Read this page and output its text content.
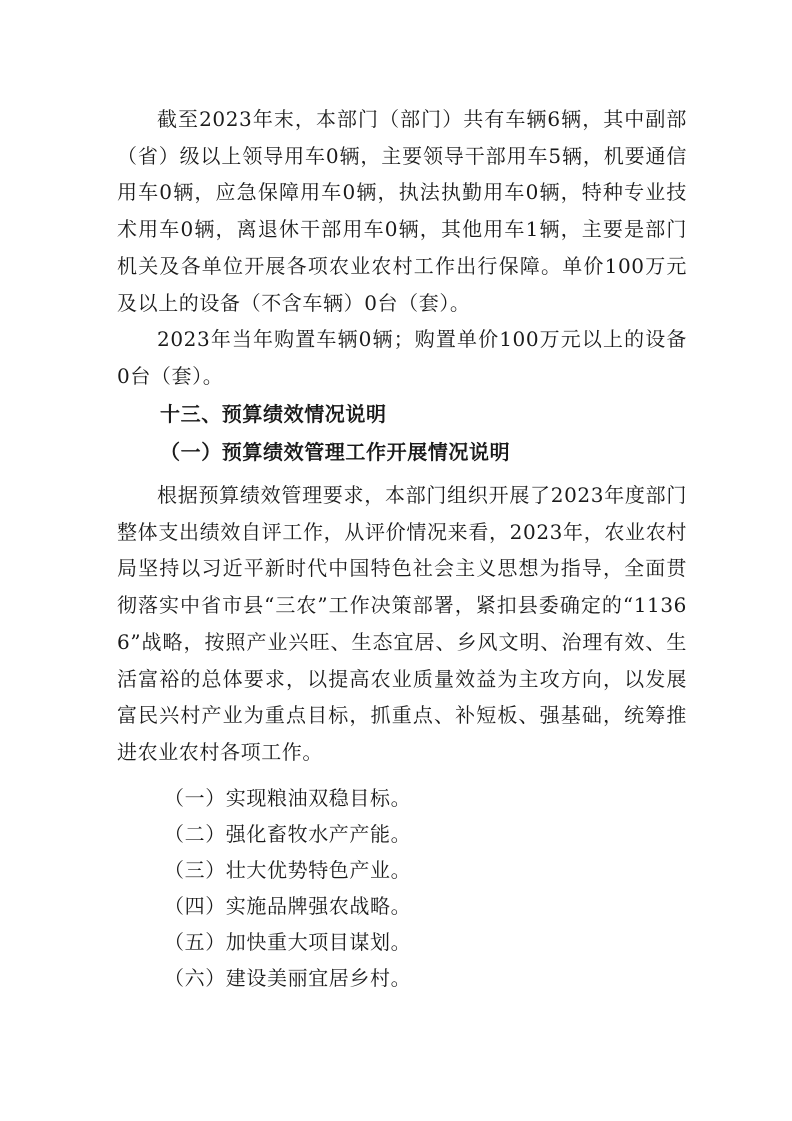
截至2023年末，本部门（部门）共有车辆6辆，其中副部（省）级以上领导用车0辆，主要领导干部用车5辆，机要通信用车0辆，应急保障用车0辆，执法执勤用车0辆，特种专业技术用车0辆，离退休干部用车0辆，其他用车1辆，主要是部门机关及各单位开展各项农业农村工作出行保障。单价100万元及以上的设备（不含车辆）0台（套）。

2023年当年购置车辆0辆；购置单价100万元以上的设备0台（套）。

十三、预算绩效情况说明
（一）预算绩效管理工作开展情况说明

根据预算绩效管理要求，本部门组织开展了2023年度部门整体支出绩效自评工作，从评价情况来看，2023年，农业农村局坚持以习近平新时代中国特色社会主义思想为指导，全面贯彻落实中省市县“三农”工作决策部署，紧扣县委确定的“11366”战略，按照产业兴旺、生态宜居、乡风文明、治理有效、生活富裕的总体要求，以提高农业质量效益为主攻方向，以发展富民兴村产业为重点目标，抓重点、补短板、强基础，统筹推进农业农村各项工作。

（一）实现粮油双稳目标。

（二）强化畜牧水产产能。

（三）壮大优势特色产业。

（四）实施品牌强农战略。

（五）加快重大项目谋划。

（六）建设美丽宜居乡村。
